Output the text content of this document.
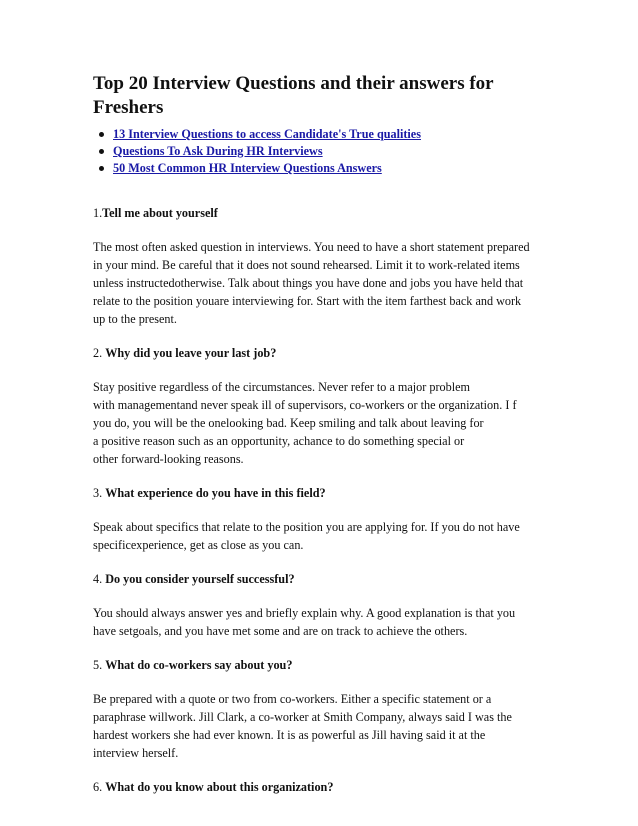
Top 20 Interview Questions and their answers for
Freshers
13 Interview Questions to access Candidate's True qualities
Questions To Ask During HR Interviews
50 Most Common HR Interview Questions Answers

1.Tell me about yourself

The most often asked question in interviews. You need to have a short statement prepared
in your mind. Be careful that it does not sound rehearsed. Limit it to work-related items
unless instructedotherwise. Talk about things you have done and jobs you have held that
relate to the position youare interviewing for. Start with the item farthest back and work
up to the present.

2. Why did you leave your last job?

Stay positive regardless of the circumstances. Never refer to a major problem
with managementand never speak ill of supervisors, co-workers or the organization. I f
you do, you will be the onelooking bad. Keep smiling and talk about leaving for
a positive reason such as an opportunity, achance to do something special or
other forward-looking reasons.

3. What experience do you have in this field?

Speak about specifics that relate to the position you are applying for. If you do not have
specificexperience, get as close as you can.

4. Do you consider yourself successful?

You should always answer yes and briefly explain why. A good explanation is that you
have setgoals, and you have met some and are on track to achieve the others.

5. What do co-workers say about you?

Be prepared with a quote or two from co-workers. Either a specific statement or a
paraphrase willwork. Jill Clark, a co-worker at Smith Company, always said I was the
hardest workers she had ever known. It is as powerful as Jill having said it at the
interview herself.

6. What do you know about this organization?
